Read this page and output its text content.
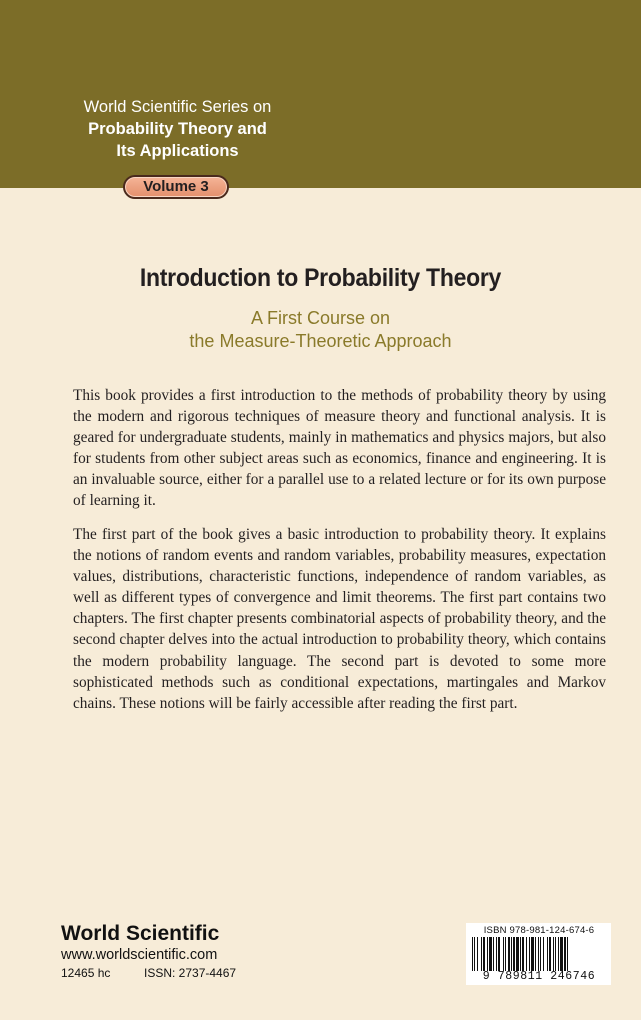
World Scientific Series on
Probability Theory and
Its Applications
Volume 3
Introduction to Probability Theory
A First Course on
the Measure-Theoretic Approach
This book provides a first introduction to the methods of probability theory by using the modern and rigorous techniques of measure theory and functional analysis. It is geared for undergraduate students, mainly in mathematics and physics majors, but also for students from other subject areas such as economics, finance and engineering. It is an invaluable source, either for a parallel use to a related lecture or for its own purpose of learning it.
The first part of the book gives a basic introduction to probability theory. It explains the notions of random events and random variables, probability measures, expectation values, distributions, characteristic functions, independence of random variables, as well as different types of convergence and limit theorems. The first part contains two chapters. The first chapter presents combinatorial aspects of probability theory, and the second chapter delves into the actual introduction to probability theory, which contains the modern probability language. The second part is devoted to some more sophisticated methods such as conditional expectations, martingales and Markov chains. These notions will be fairly accessible after reading the first part.
World Scientific
www.worldscientific.com
12465 hc	ISSN: 2737-4467
ISBN 978-981-124-674-6
9 789811 246746
